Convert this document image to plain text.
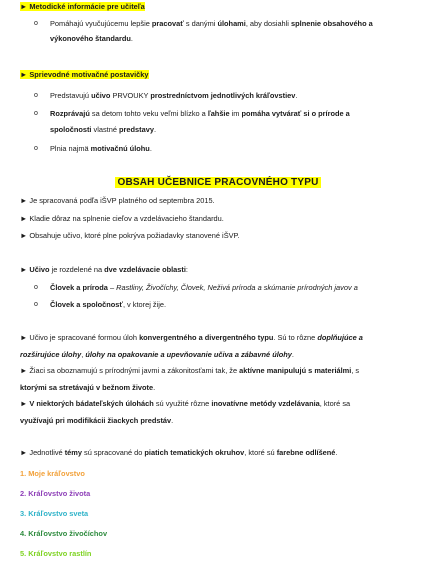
► Metodické informácie pre učiteľa
o Pomáhajú vyučujúcemu lepšie pracovať s danými úlohami, aby dosiahli splnenie obsahového a
výkonového štandardu.
► Sprievodné motivačné postavičky
o Predstavujú učivo PRVOUKY prostredníctvom jednotlivých kráľovstiev.
o Rozprávajú sa detom tohto veku veľmi blízko a ľahšie im pomáha vytvárať si o prírode a
spoločnosti vlastné predstavy.
o Plnia najmä motivačnú úlohu.
OBSAH UČEBNICE PRACOVNÉHO TYPU
► Je spracovaná podľa iŠVP platného od septembra 2015.
► Kladie dôraz na splnenie cieľov a vzdelávacieho štandardu.
► Obsahuje učivo, ktoré plne pokrýva požiadavky stanovené iŠVP.
► Učivo je rozdelené na dve vzdelávacie oblasti:
o Človek a príroda – Rastliny, Živočíchy, Človek, Neživá príroda a skúmanie prírodných javov a
o Človek a spoločnosť, v ktorej žije.
► Učivo je spracované formou úloh konvergentného a divergentného typu. Sú to rôzne doplňujúce a
rozširujúce úlohy, úlohy na opakovanie a upevňovanie učiva a zábavné úlohy.
► Žiaci sa oboznamujú s prírodnými javmi a zákonitosťami tak, že aktívne manipulujú s materiálmi, s
ktorými sa stretávajú v bežnom živote.
► V niektorých bádateľských úlohách sú využité rôzne inovatívne metódy vzdelávania, ktoré sa
využívajú pri modifikácii žiackych predstáv.
► Jednotlivé témy sú spracované do piatich tematických okruhov, ktoré sú farebne odlíšené.
1. Moje kráľovstvo
2. Kráľovstvo života
3. Kráľovstvo sveta
4. Kráľovstvo živočíchov
5. Kráľovstvo rastlín
